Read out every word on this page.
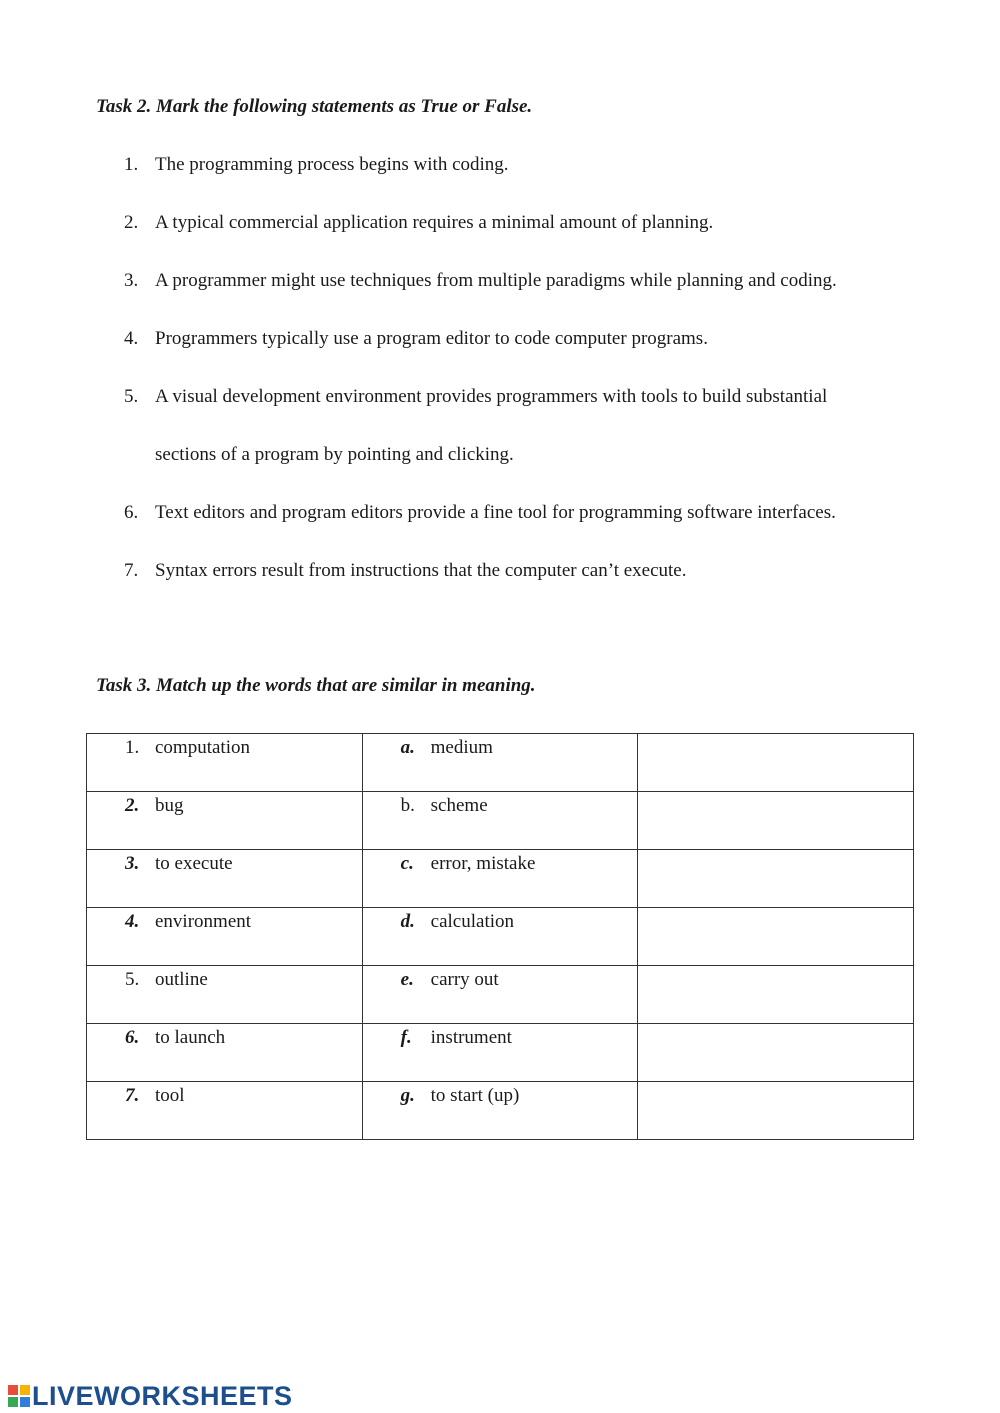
Task 2. Mark the following statements as True or False.

1. The programming process begins with coding.
2. A typical commercial application requires a minimal amount of planning.
3. A programmer might use techniques from multiple paradigms while planning and coding.
4. Programmers typically use a program editor to code computer programs.
5. A visual development environment provides programmers with tools to build substantial
sections of a program by pointing and clicking.
6. Text editors and program editors provide a fine tool for programming software interfaces.
7. Syntax errors result from instructions that the computer can’t execute.

Task 3. Match up the words that are similar in meaning.

1. computation	a. medium	

2. bug	b. scheme	

3. to execute	c. error, mistake	

4. environment	d. calculation	

5. outline	e. carry out	

6. to launch	f. instrument	

7. tool	g. to start (up)	

LIVEWORKSHEETS
